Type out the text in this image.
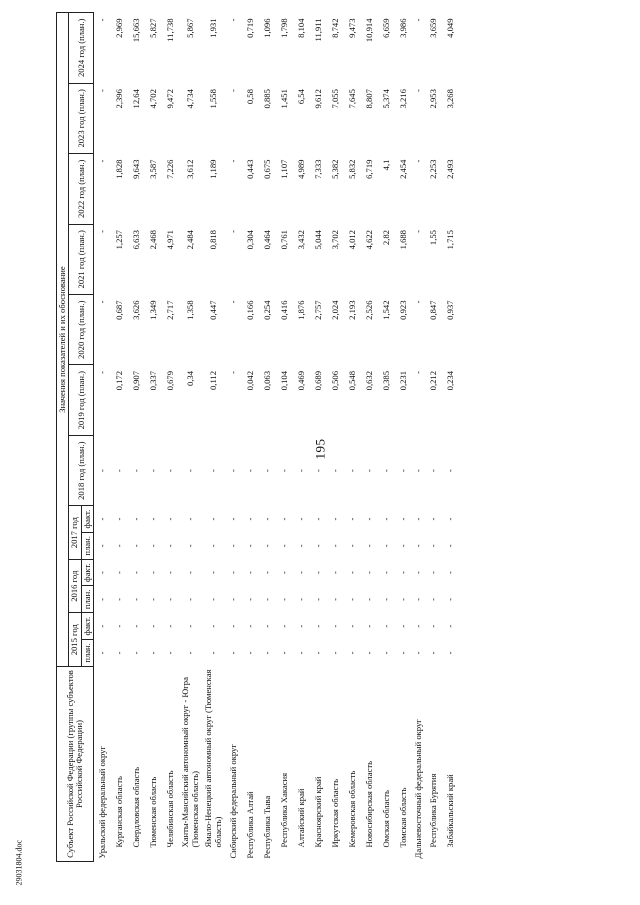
195
Субъект Российской Федерации (группы субъектов Российской Федерации)	Значения показателей и их обоснование												
	2015 год		2016 год		2017 год		2018 год (план.)	2019 год (план.)	2020 год (план.)	2021 год (план.)	2022 год (план.)	2023 год (план.)	2024 год (план.)
	план.	факт.	план.	факт.	план.	факт.							
Уральский федеральный округ	-	-	-	-	-	-	-	-	-	-	-	-	-
Курганская область	-	-	-	-	-	-	-	0,172	0,687	1,257	1,828	2,396	2,969
Свердловская область	-	-	-	-	-	-	-	0,907	3,626	6,633	9,643	12,64	15,663
Тюменская область	-	-	-	-	-	-	-	0,337	1,349	2,468	3,587	4,702	5,827
Челябинская область	-	-	-	-	-	-	-	0,679	2,717	4,971	7,226	9,472	11,738
Ханты-Мансийский автономный округ - Югра (Тюменская область)	-	-	-	-	-	-	-	0,34	1,358	2,484	3,612	4,734	5,867
Ямало-Ненецкий автономный округ (Тюменская область)	-	-	-	-	-	-	-	0,112	0,447	0,818	1,189	1,558	1,931
Сибирский федеральный округ	-	-	-	-	-	-	-	-	-	-	-	-	-
Республика Алтай	-	-	-	-	-	-	-	0,042	0,166	0,304	0,443	0,58	0,719
Республика Тыва	-	-	-	-	-	-	-	0,063	0,254	0,464	0,675	0,885	1,096
Республика Хакасия	-	-	-	-	-	-	-	0,104	0,416	0,761	1,107	1,451	1,798
Алтайский край	-	-	-	-	-	-	-	0,469	1,876	3,432	4,989	6,54	8,104
Красноярский край	-	-	-	-	-	-	-	0,689	2,757	5,044	7,333	9,612	11,911
Иркутская область	-	-	-	-	-	-	-	0,506	2,024	3,702	5,382	7,055	8,742
Кемеровская область	-	-	-	-	-	-	-	0,548	2,193	4,012	5,832	7,645	9,473
Новосибирская область	-	-	-	-	-	-	-	0,632	2,526	4,622	6,719	8,807	10,914
Омская область	-	-	-	-	-	-	-	0,385	1,542	2,82	4,1	5,374	6,659
Томская область	-	-	-	-	-	-	-	0,231	0,923	1,688	2,454	3,216	3,986
Дальневосточный федеральный округ	-	-	-	-	-	-	-	-	-	-	-	-	-
Республика Бурятия	-	-	-	-	-	-	-	0,212	0,847	1,55	2,253	2,953	3,659
Забайкальский край	-	-	-	-	-	-	-	0,234	0,937	1,715	2,493	3,268	4,049
29031804.doc
